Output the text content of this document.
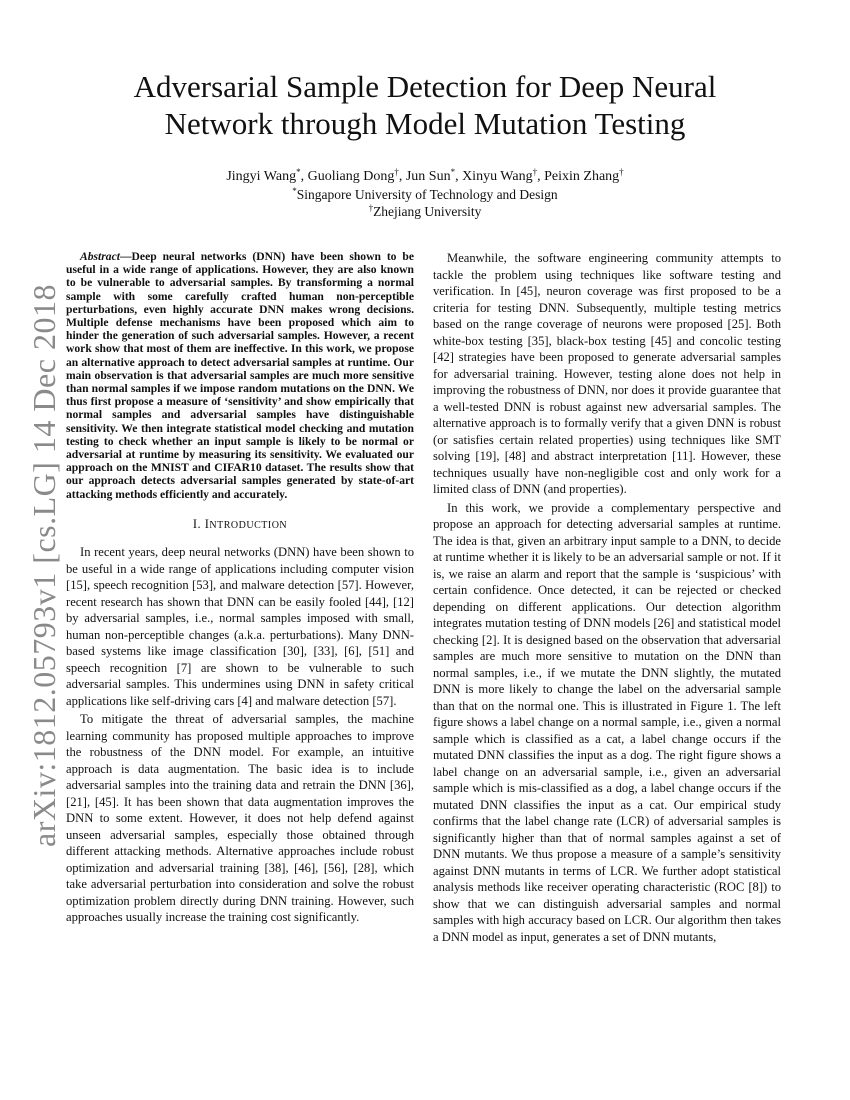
arXiv:1812.05793v1 [cs.LG] 14 Dec 2018
Adversarial Sample Detection for Deep Neural
Network through Model Mutation Testing
Jingyi Wang*, Guoliang Dong†, Jun Sun*, Xinyu Wang†, Peixin Zhang†
*Singapore University of Technology and Design
†Zhejiang University

Abstract—Deep neural networks (DNN) have been shown to be useful in a wide range of applications. However, they are also known to be vulnerable to adversarial samples. By transforming a normal sample with some carefully crafted human non-perceptible perturbations, even highly accurate DNN makes wrong decisions. Multiple defense mechanisms have been proposed which aim to hinder the generation of such adversarial samples. However, a recent work show that most of them are ineffective. In this work, we propose an alternative approach to detect adversarial samples at runtime. Our main observation is that adversarial samples are much more sensitive than normal samples if we impose random mutations on the DNN. We thus first propose a measure of ‘sensitivity’ and show empirically that normal samples and adversarial samples have distinguishable sensitivity. We then integrate statistical model checking and mutation testing to check whether an input sample is likely to be normal or adversarial at runtime by measuring its sensitivity. We evaluated our approach on the MNIST and CIFAR10 dataset. The results show that our approach detects adversarial samples generated by state-of-art attacking methods efficiently and accurately.

I. INTRODUCTION

In recent years, deep neural networks (DNN) have been shown to be useful in a wide range of applications including computer vision [15], speech recognition [53], and malware detection [57]. However, recent research has shown that DNN can be easily fooled [44], [12] by adversarial samples, i.e., normal samples imposed with small, human non-perceptible changes (a.k.a. perturbations). Many DNN-based systems like image classification [30], [33], [6], [51] and speech recognition [7] are shown to be vulnerable to such adversarial samples. This undermines using DNN in safety critical applications like self-driving cars [4] and malware detection [57].

To mitigate the threat of adversarial samples, the machine learning community has proposed multiple approaches to improve the robustness of the DNN model. For example, an intuitive approach is data augmentation. The basic idea is to include adversarial samples into the training data and retrain the DNN [36], [21], [45]. It has been shown that data augmentation improves the DNN to some extent. However, it does not help defend against unseen adversarial samples, especially those obtained through different attacking methods. Alternative approaches include robust optimization and adversarial training [38], [46], [56], [28], which take adversarial perturbation into consideration and solve the robust optimization problem directly during DNN training. However, such approaches usually increase the training cost significantly.

Meanwhile, the software engineering community attempts to tackle the problem using techniques like software testing and verification. In [45], neuron coverage was first proposed to be a criteria for testing DNN. Subsequently, multiple testing metrics based on the range coverage of neurons were proposed [25]. Both white-box testing [35], black-box testing [45] and concolic testing [42] strategies have been proposed to generate adversarial samples for adversarial training. However, testing alone does not help in improving the robustness of DNN, nor does it provide guarantee that a well-tested DNN is robust against new adversarial samples. The alternative approach is to formally verify that a given DNN is robust (or satisfies certain related properties) using techniques like SMT solving [19], [48] and abstract interpretation [11]. However, these techniques usually have non-negligible cost and only work for a limited class of DNN (and properties).

In this work, we provide a complementary perspective and propose an approach for detecting adversarial samples at runtime. The idea is that, given an arbitrary input sample to a DNN, to decide at runtime whether it is likely to be an adversarial sample or not. If it is, we raise an alarm and report that the sample is ‘suspicious’ with certain confidence. Once detected, it can be rejected or checked depending on different applications. Our detection algorithm integrates mutation testing of DNN models [26] and statistical model checking [2]. It is designed based on the observation that adversarial samples are much more sensitive to mutation on the DNN than normal samples, i.e., if we mutate the DNN slightly, the mutated DNN is more likely to change the label on the adversarial sample than that on the normal one. This is illustrated in Figure 1. The left figure shows a label change on a normal sample, i.e., given a normal sample which is classified as a cat, a label change occurs if the mutated DNN classifies the input as a dog. The right figure shows a label change on an adversarial sample, i.e., given an adversarial sample which is mis-classified as a dog, a label change occurs if the mutated DNN classifies the input as a cat. Our empirical study confirms that the label change rate (LCR) of adversarial samples is significantly higher than that of normal samples against a set of DNN mutants. We thus propose a measure of a sample’s sensitivity against DNN mutants in terms of LCR. We further adopt statistical analysis methods like receiver operating characteristic (ROC [8]) to show that we can distinguish adversarial samples and normal samples with high accuracy based on LCR. Our algorithm then takes a DNN model as input, generates a set of DNN mutants,
